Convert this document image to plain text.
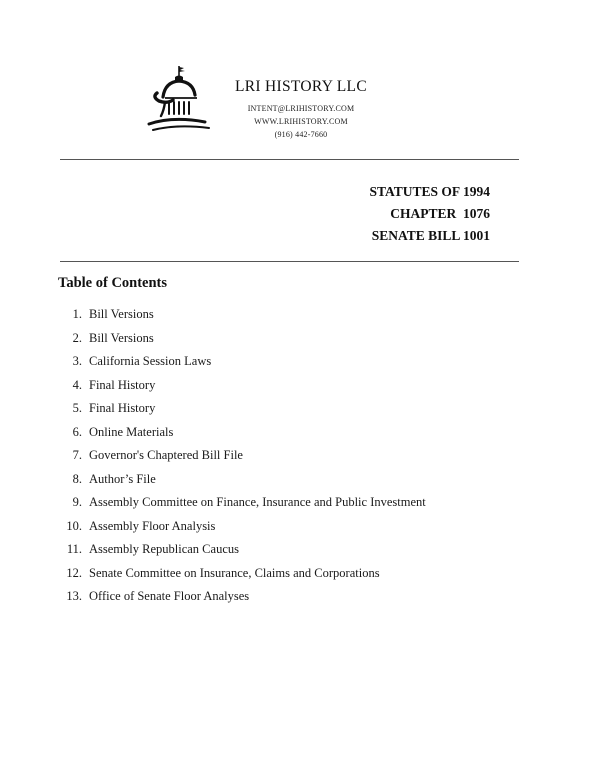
LRI HISTORY LLC
INTENT@LRIHISTORY.COM
WWW.LRIHISTORY.COM
(916) 442-7660
STATUTES OF 1994
CHAPTER  1076
SENATE BILL 1001
Table of Contents
1. Bill Versions
2. Bill Versions
3. California Session Laws
4. Final History
5. Final History
6. Online Materials
7. Governor's Chaptered Bill File
8. Author’s File
9. Assembly Committee on Finance, Insurance and Public Investment
10. Assembly Floor Analysis
11. Assembly Republican Caucus
12. Senate Committee on Insurance, Claims and Corporations
13. Office of Senate Floor Analyses
